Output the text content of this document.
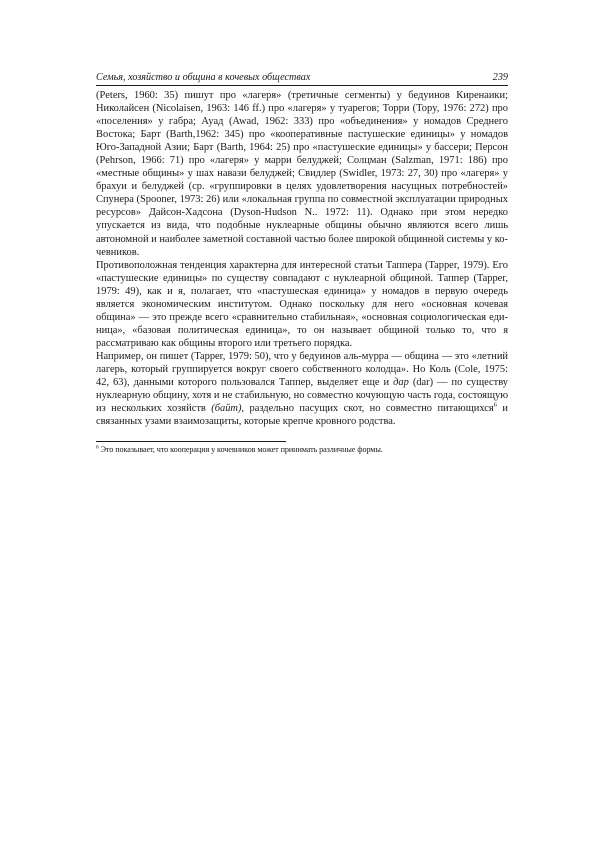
Семья, хозяйство и община в кочевых обществах	239

(Peters, 1960: 35) пишут про «лагеря» (третичные сегменты) у бедуинов Киренаики; Николайсен (Nicolaisen, 1963: 146 ff.) про «лагеря» у туарегов; Торри (Topy, 1976: 272) про «поселения» у габра; Ауад (Awad, 1962: 333) про «объединения» у номадов Среднего Востока; Барт (Barth,1962: 345) про «кооперативные пастушеские единицы» у номадов Юго-Западной Азии; Барт (Barth, 1964: 25) про «пастушеские единицы» у бассери; Персон (Pehrson, 1966: 71) про «лагеря» у марри белуджей; Солцман (Salzman, 1971: 186) про «местные общины» у шах навази белуджей; Свидлер (Swidler, 1973: 27, 30) про «лагеря» у брахуи и белуджей (ср. «группировки в целях удовлетворения насущных потребностей» Спунера (Spooner, 1973: 26) или «локальная группа по совместной эксплуатации природных ресурсов» Дайсон-Хадсона (Dyson-Hudson N.. 1972: 11). Однако при этом нередко упускается из вида, что подобные нуклеарные общины обычно являются всего лишь автономной и наиболее заметной составной частью более широкой общинной системы у кочевников.

Противоположная тенденция характерна для интересной статьи Таппера (Tapper, 1979). Его «пастушеские единицы» по существу совпадают с нуклеарной общиной. Таппер (Tapper, 1979: 49), как и я, полагает, что «пастушеская единица» у номадов в первую очередь является экономическим институтом. Однако поскольку для него «основная кочевая община» — это прежде всего «сравнительно стабильная», «основная социологическая единица», «базовая политическая единица», то он называет общиной только то, что я рассматриваю как общины второго или третьего порядка.

Например, он пишет (Tapper, 1979: 50), что у бедуинов аль-мурра — община — это «летний лагерь, который группируется вокруг своего собственного колодца». Но Коль (Cole, 1975: 42, 63), данными которого пользовался Таппер, выделяет еще и дар (dar) — по существу нуклеарную общину, хотя и не стабильную, но совместно кочующую часть года, состоящую из нескольких хозяйств (байт), раздельно пасущих скот, но совместно питающихся$^6$ и связанных узами взаимозащиты, которые крепче кровного родства.

$^6$ Это показывает, что кооперация у кочевников может принимать различные формы.
